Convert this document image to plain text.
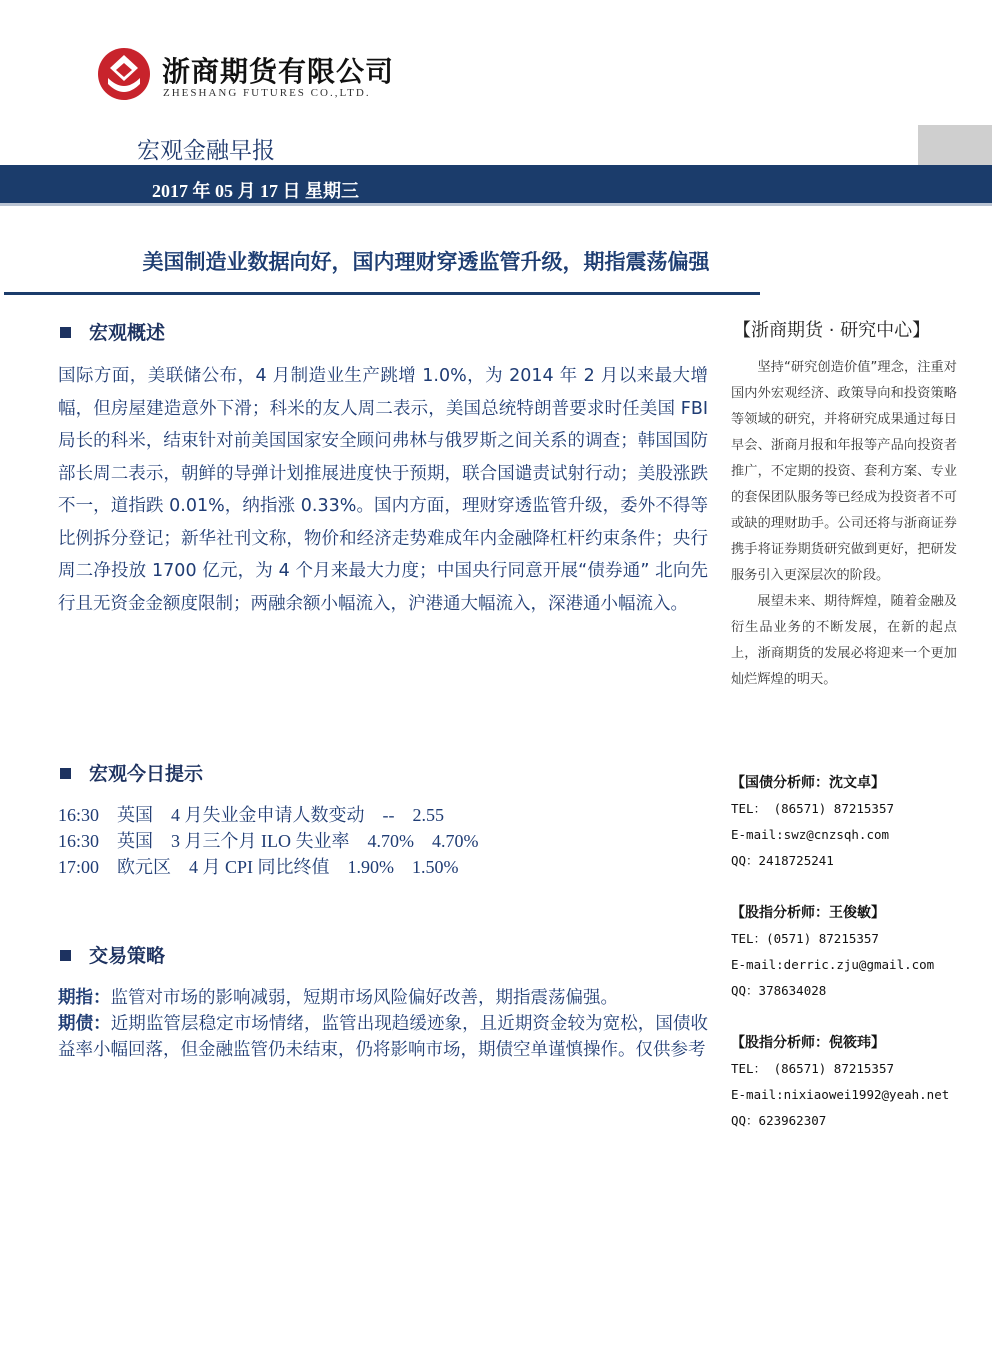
浙商期货有限公司
ZHESHANG FUTURES CO.,LTD.
宏观金融早报
2017 年 05 月 17 日 星期三
美国制造业数据向好，国内理财穿透监管升级，期指震荡偏强
宏观概述
国际方面，美联储公布，4 月制造业生产跳增 1.0%，为 2014 年 2 月以来最大增幅，但房屋建造意外下滑；科米的友人周二表示，美国总统特朗普要求时任美国 FBI 局长的科米，结束针对前美国国家安全顾问弗林与俄罗斯之间关系的调查；韩国国防部长周二表示，朝鲜的导弹计划推展进度快于预期，联合国谴责试射行动；美股涨跌不一，道指跌 0.01%，纳指涨 0.33%。国内方面，理财穿透监管升级，委外不得等比例拆分登记；新华社刊文称，物价和经济走势难成年内金融降杠杆约束条件；央行周二净投放 1700 亿元，为 4 个月来最大力度；中国央行同意开展“债券通” 北向先行且无资金金额度限制；两融余额小幅流入，沪港通大幅流入，深港通小幅流入。
宏观今日提示
16:30 英国 4 月失业金申请人数变动 -- 2.55
16:30 英国 3 月三个月 ILO 失业率 4.70% 4.70%
17:00 欧元区 4 月 CPI 同比终值 1.90% 1.50%
交易策略
期指：监管对市场的影响减弱，短期市场风险偏好改善，期指震荡偏强。
期债：近期监管层稳定市场情绪，监管出现趋缓迹象，且近期资金较为宽松，国债收益率小幅回落，但金融监管仍未结束，仍将影响市场，期债空单谨慎操作。仅供参考
【浙商期货 · 研究中心】

坚持“研究创造价值”理念，注重对国内外宏观经济、政策导向和投资策略等领域的研究，并将研究成果通过每日早会、浙商月报和年报等产品向投资者推广，不定期的投资、套利方案、专业的套保团队服务等已经成为投资者不可或缺的理财助手。公司还将与浙商证券携手将证券期货研究做到更好，把研发服务引入更深层次的阶段。

展望未来、期待辉煌，随着金融及衍生品业务的不断发展，在新的起点上，浙商期货的发展必将迎来一个更加灿烂辉煌的明天。

【国债分析师：沈文卓】
TEL： (86571) 87215357
E-mail:swz@cnzsqh.com
QQ：2418725241
【股指分析师：王俊敏】
TEL：(0571) 87215357
E-mail:derric.zju@gmail.com
QQ：378634028
【股指分析师：倪筱玮】
TEL： (86571) 87215357
E-mail:nixiaowei1992@yeah.net
QQ：623962307
